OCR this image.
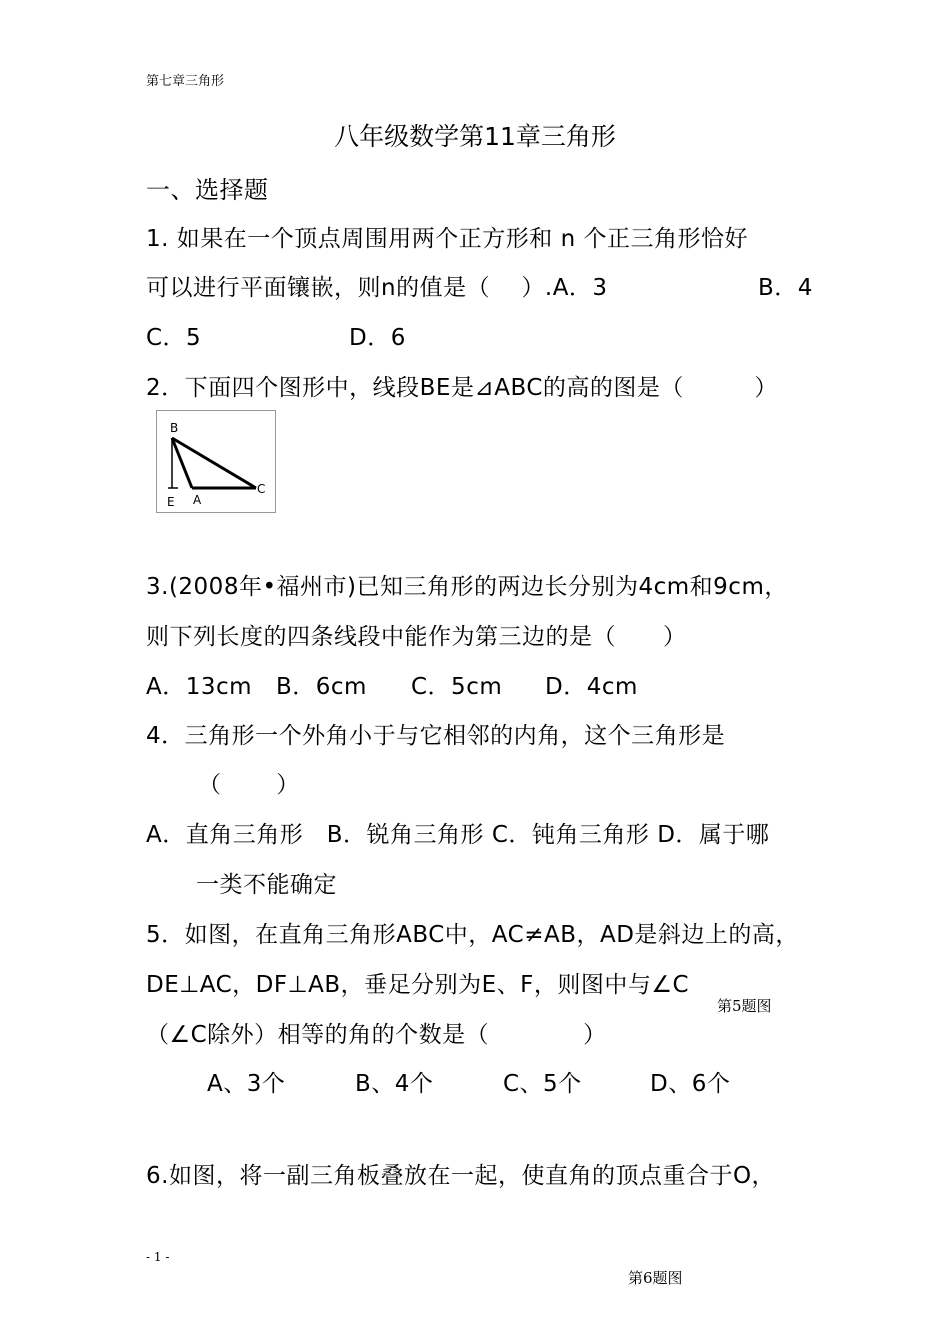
第七章三角形
八年级数学第11章三角形
一、选择题
1. 如果在一个顶点周围用两个正方形和 n 个正三角形恰好
可以进行平面镶嵌，则n的值是（　 ）.A．3	B．4
C．5	D．6
2．下面四个图形中，线段BE是⊿ABC的高的图是（　　　）
B
E A
C
3.(2008年•福州市)已知三角形的两边长分别为4cm和9cm，
则下列长度的四条线段中能作为第三边的是（　　）
A．13cm B．6cm C．5cm D．4cm
4．三角形一个外角小于与它相邻的内角，这个三角形是
（　　 ）
A．直角三角形　B．锐角三角形 C．钝角三角形 D．属于哪
一类不能确定
5．如图，在直角三角形ABC中，AC≠AB，AD是斜边上的高，
DE⊥AC，DF⊥AB，垂足分别为E、F，则图中与∠C
第5题图
（∠C除外）相等的角的个数是（　　　　）
A、3个	B、4个	C、5个	D、6个
6.如图，将一副三角板叠放在一起，使直角的顶点重合于O，
- 1 -
第6题图
